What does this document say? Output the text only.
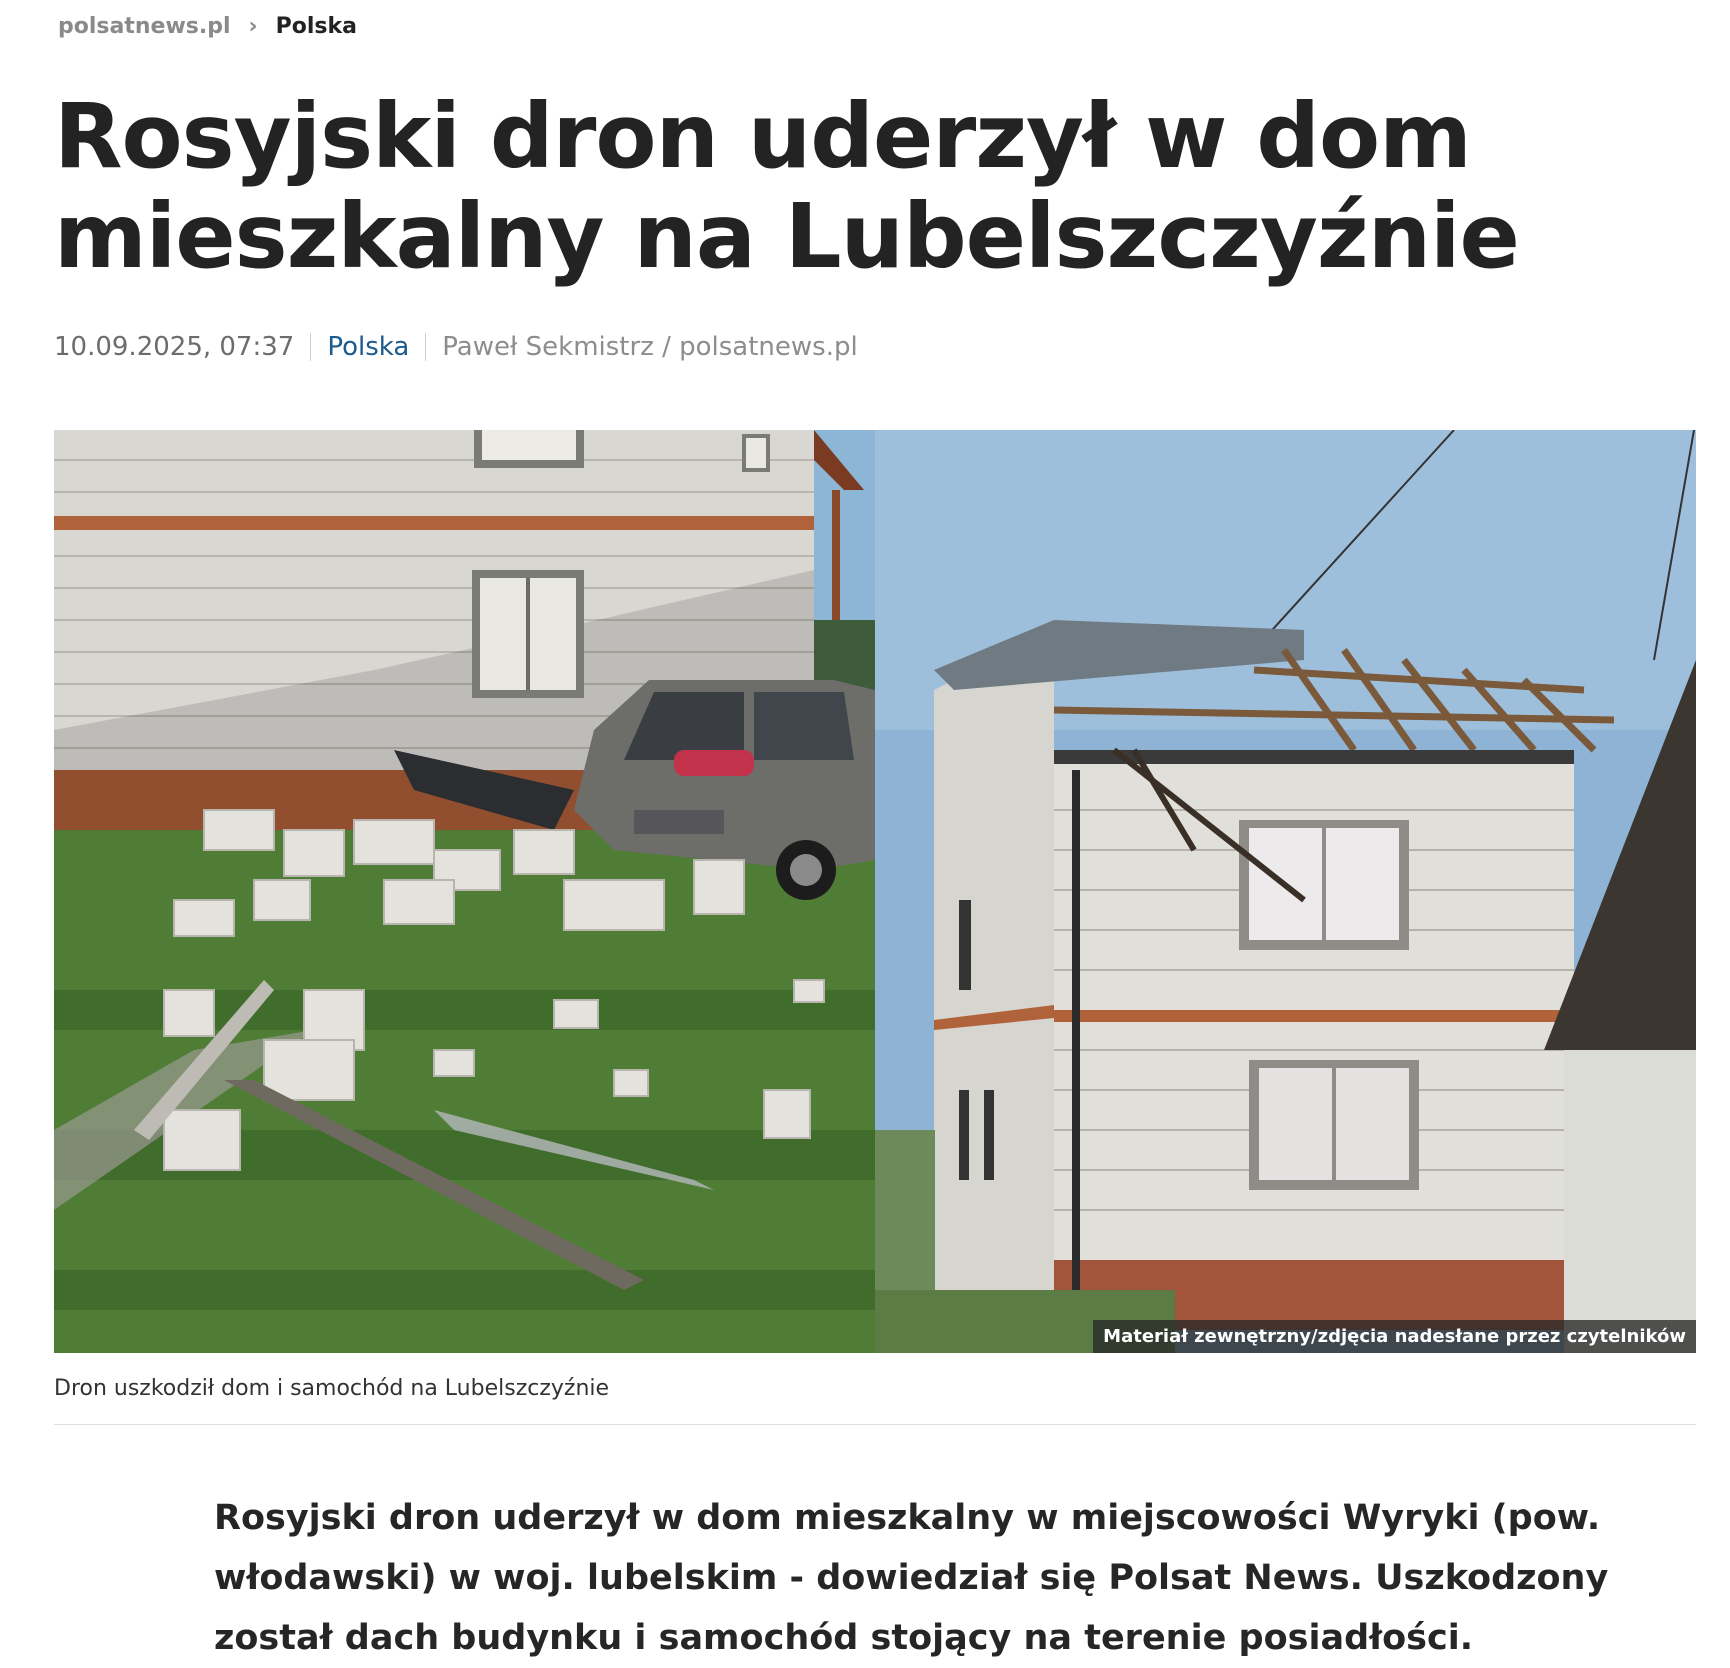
polsatnews.pl › Polska
Rosyjski dron uderzył w dom mieszkalny na Lubelszczyźnie
10.09.2025, 07:37 Polska Paweł Sekmistrz / polsatnews.pl
Materiał zewnętrzny/zdjęcia nadesłane przez czytelników
Dron uszkodził dom i samochód na Lubelszczyźnie

Rosyjski dron uderzył w dom mieszkalny w miejscowości Wyryki (pow. włodawski) w woj. lubelskim - dowiedział się Polsat News. Uszkodzony został dach budynku i samochód stojący na terenie posiadłości.
